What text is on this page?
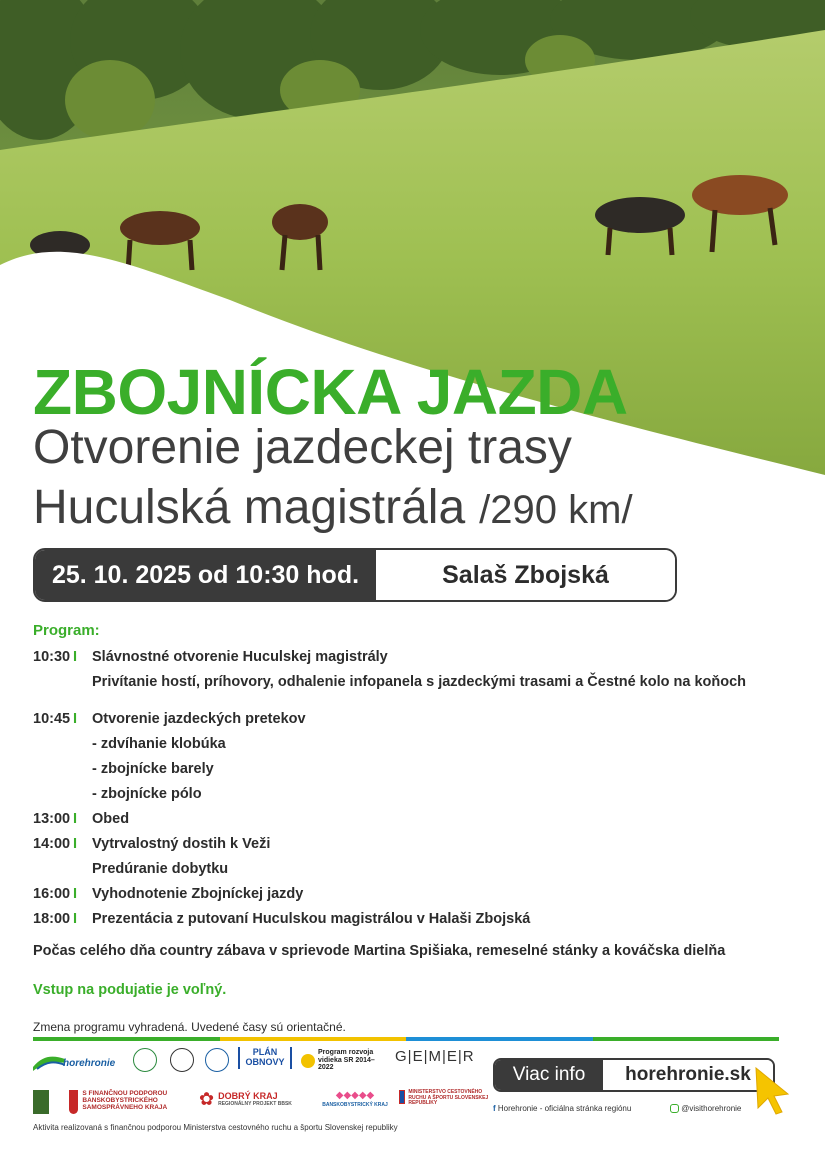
ZBOJNÍCKA JAZDA
Otvorenie jazdeckej trasy
Huculská magistrála /290 km/
25. 10. 2025 od 10:30 hod.	Salaš Zbojská
Program:
10:30 I	Slávnostné otvorenie Huculskej magistrály
Privítanie hostí, príhovory, odhalenie infopanela s jazdeckými trasami a Čestné kolo na koňoch
10:45 I	Otvorenie jazdeckých pretekov
- zdvíhanie klobúka
- zbojnícke barely
- zbojnícke pólo
13:00 I	Obed
14:00 I	Vytrvalostný dostih k Veži
Predúranie dobytku
16:00 I	Vyhodnotenie Zbojníckej jazdy
18:00 I	Prezentácia z putovaní Huculskou magistrálou v Halaši Zbojská
Počas celého dňa country zábava v sprievode Martina Spišiaka, remeselné stánky a kováčska dielňa
Vstup na podujatie je voľný.
Zmena programu vyhradená. Uvedené časy sú orientačné.
horehronie
PLÁN OBNOVY
Program rozvoja vidieka SR 2014–2022
G|E|M|E|R
S FINANČNOU PODPOROU BANSKOBYSTRICKÉHO SAMOSPRÁVNEHO KRAJA	✿ DOBRÝ KRAJ
REGIONÁLNY PROJEKT BBSK
◆◆◆◆◆
BANSKOBYSTRICKÝ KRAJ
MINISTERSTVO CESTOVNÉHO RUCHU A ŠPORTU SLOVENSKEJ REPUBLIKY
Viac info	horehronie.sk
f Horehronie - oficiálna stránka regiónu	@visithorehronie
Aktivita realizovaná s finančnou podporou Ministerstva cestovného ruchu a športu Slovenskej republiky
